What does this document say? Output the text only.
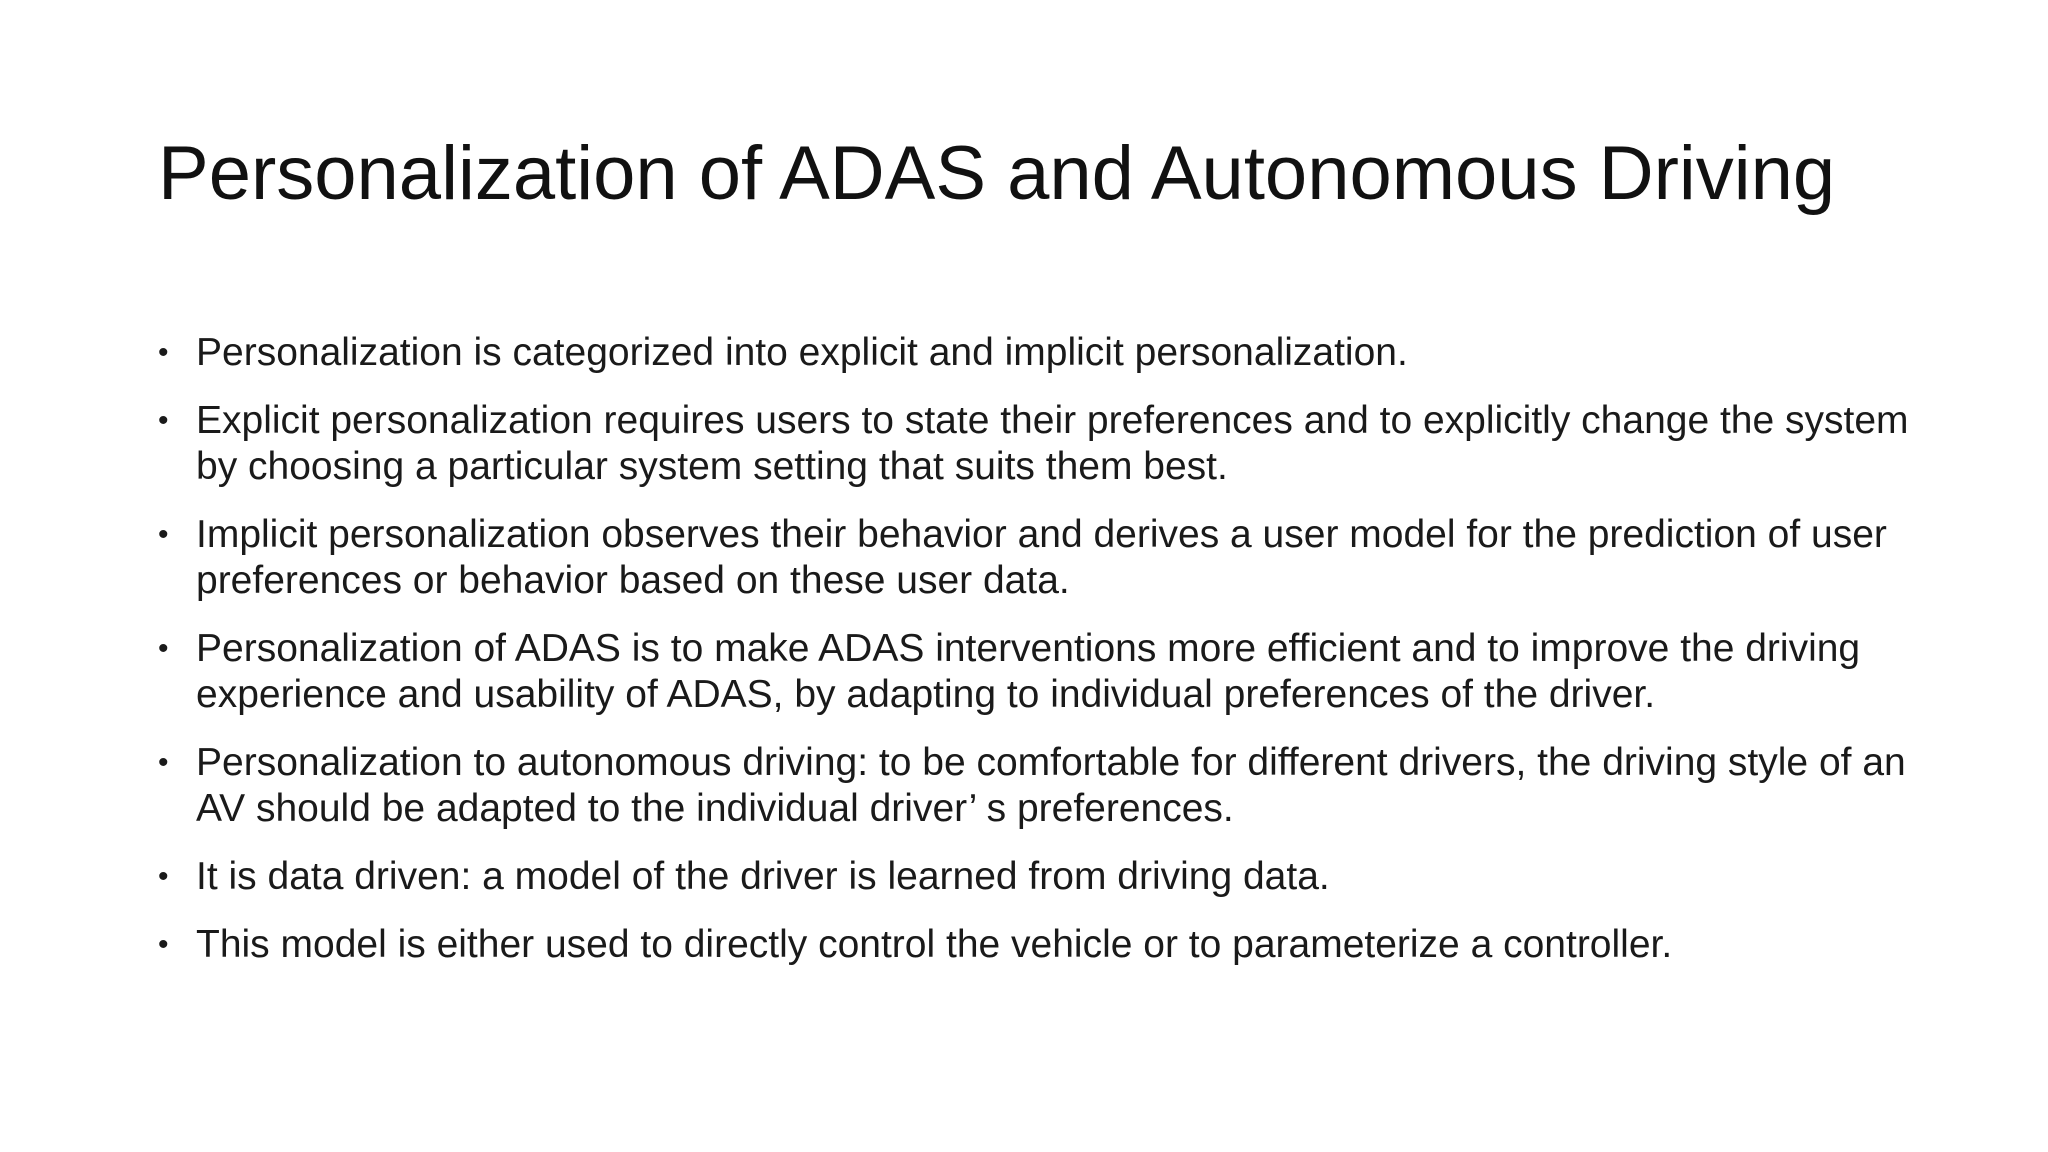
Personalization of ADAS and Autonomous Driving
• Personalization is categorized into explicit and implicit personalization.
• Explicit personalization requires users to state their preferences and to explicitly change the system by choosing a particular system setting that suits them best.
• Implicit personalization observes their behavior and derives a user model for the prediction of user preferences or behavior based on these user data.
• Personalization of ADAS is to make ADAS interventions more efficient and to improve the driving experience and usability of ADAS, by adapting to individual preferences of the driver.
• Personalization to autonomous driving: to be comfortable for different drivers, the driving style of an AV should be adapted to the individual driver’ s preferences.
• It is data driven: a model of the driver is learned from driving data.
• This model is either used to directly control the vehicle or to parameterize a controller.
